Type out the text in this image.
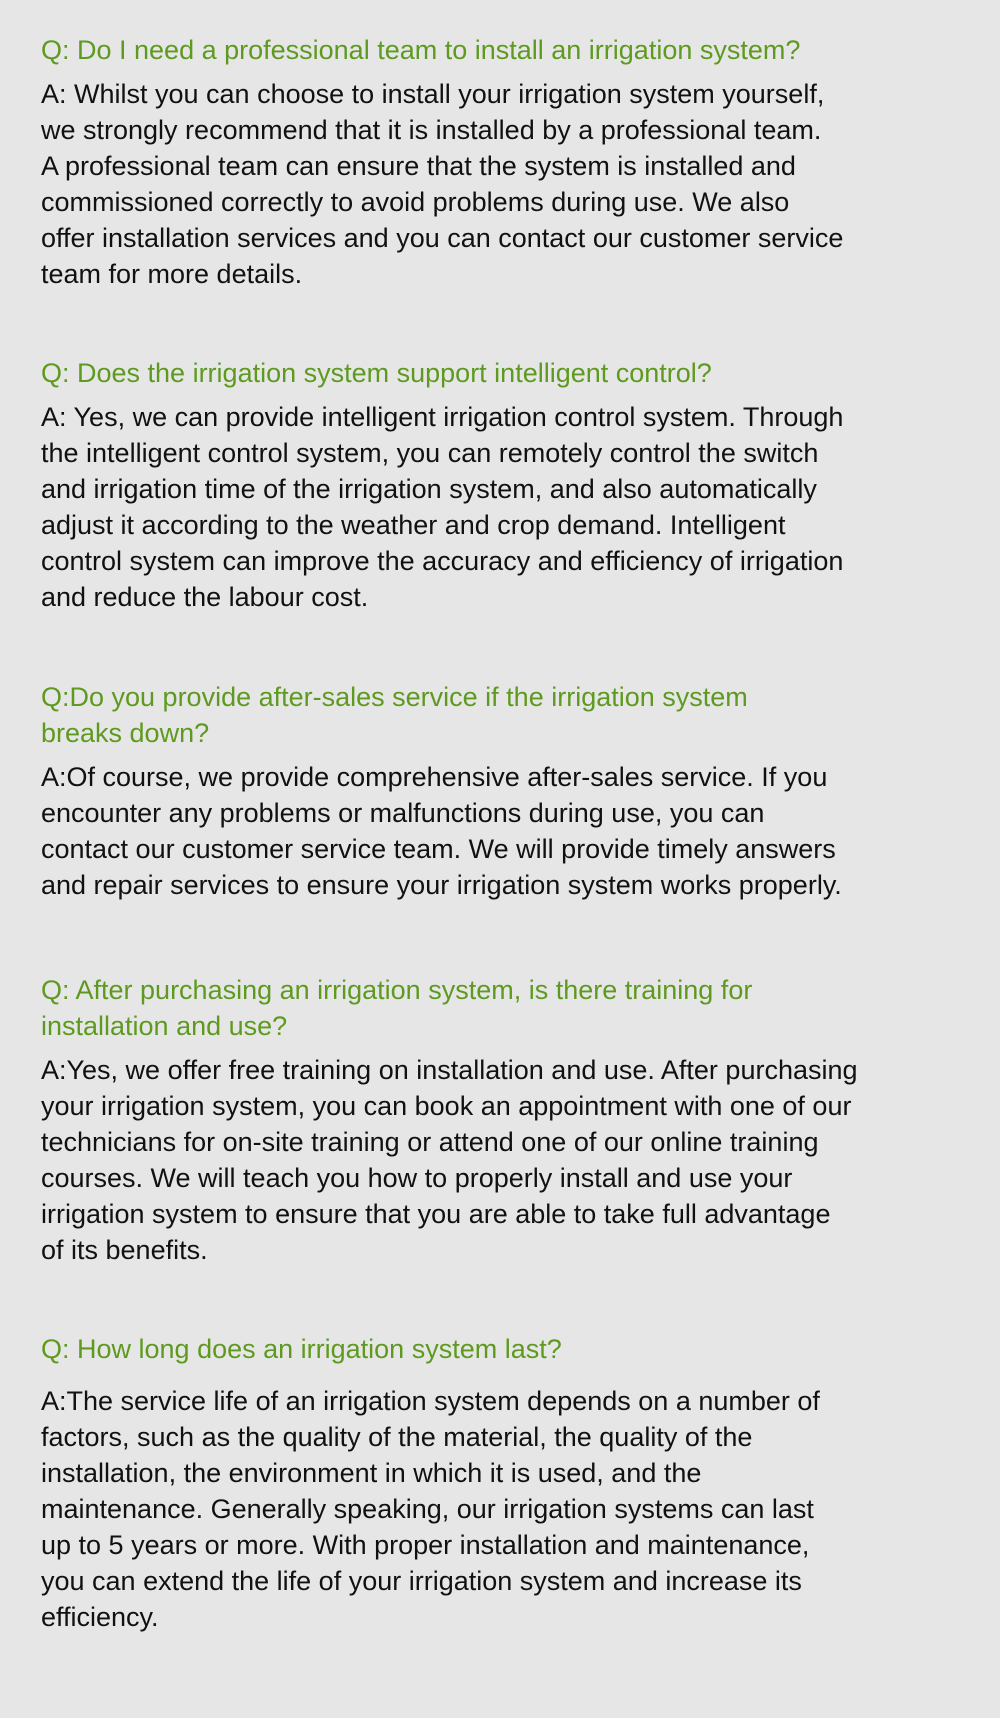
Q: Do I need a professional team to install an irrigation system?

A: Whilst you can choose to install your irrigation system yourself,
we strongly recommend that it is installed by a professional team.
A professional team can ensure that the system is installed and
commissioned correctly to avoid problems during use. We also
offer installation services and you can contact our customer service
team for more details.

Q: Does the irrigation system support intelligent control?

A: Yes, we can provide intelligent irrigation control system. Through
the intelligent control system, you can remotely control the switch
and irrigation time of the irrigation system, and also automatically
adjust it according to the weather and crop demand. Intelligent
control system can improve the accuracy and efficiency of irrigation
and reduce the labour cost.

Q:Do you provide after-sales service if the irrigation system
breaks down?

A:Of course, we provide comprehensive after-sales service. If you
encounter any problems or malfunctions during use, you can
contact our customer service team. We will provide timely answers
and repair services to ensure your irrigation system works properly.

Q: After purchasing an irrigation system, is there training for
installation and use?

A:Yes, we offer free training on installation and use. After purchasing
your irrigation system, you can book an appointment with one of our
technicians for on-site training or attend one of our online training
courses. We will teach you how to properly install and use your
irrigation system to ensure that you are able to take full advantage
of its benefits.

Q: How long does an irrigation system last?

A:The service life of an irrigation system depends on a number of
factors, such as the quality of the material, the quality of the
installation, the environment in which it is used, and the
maintenance. Generally speaking, our irrigation systems can last
up to 5 years or more. With proper installation and maintenance,
you can extend the life of your irrigation system and increase its
efficiency.
